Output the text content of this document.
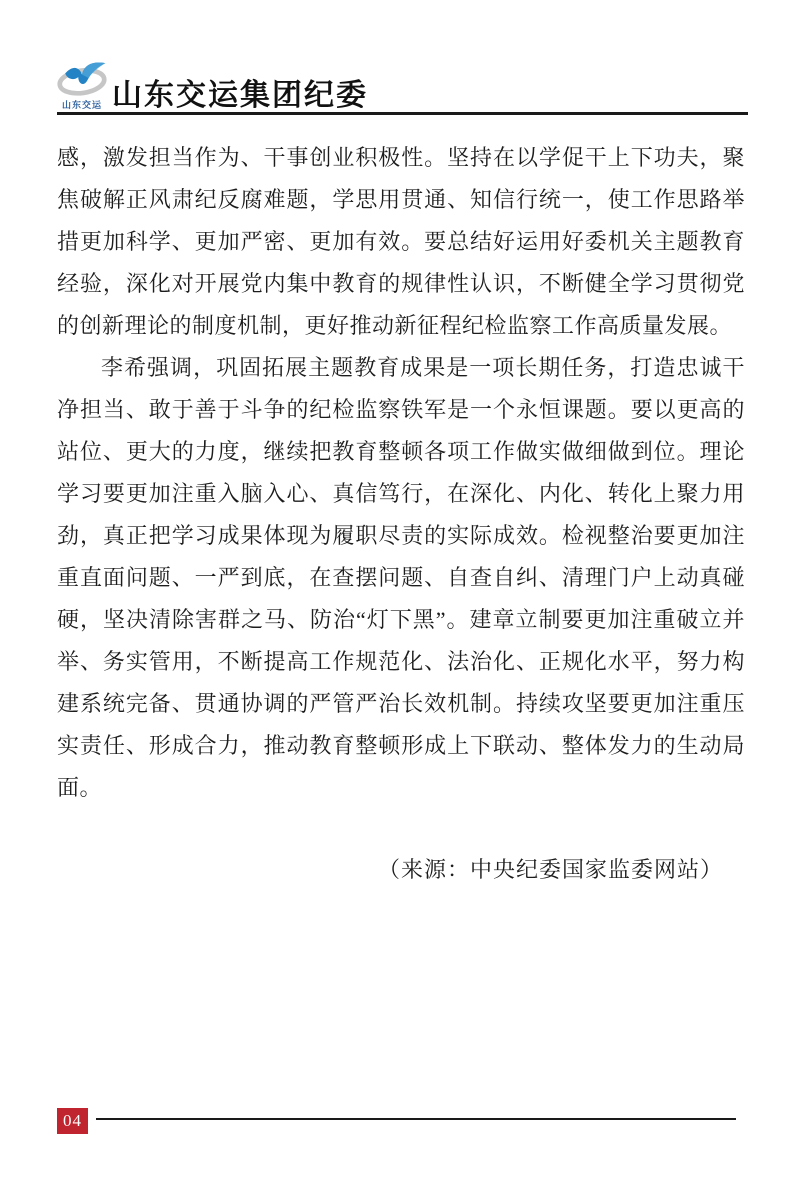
山东交运 山东交运集团纪委

感，激发担当作为、干事创业积极性。坚持在以学促干上下功夫，聚焦破解正风肃纪反腐难题，学思用贯通、知信行统一，使工作思路举措更加科学、更加严密、更加有效。要总结好运用好委机关主题教育经验，深化对开展党内集中教育的规律性认识，不断健全学习贯彻党的创新理论的制度机制，更好推动新征程纪检监察工作高质量发展。

李希强调，巩固拓展主题教育成果是一项长期任务，打造忠诚干净担当、敢于善于斗争的纪检监察铁军是一个永恒课题。要以更高的站位、更大的力度，继续把教育整顿各项工作做实做细做到位。理论学习要更加注重入脑入心、真信笃行，在深化、内化、转化上聚力用劲，真正把学习成果体现为履职尽责的实际成效。检视整治要更加注重直面问题、一严到底，在查摆问题、自查自纠、清理门户上动真碰硬，坚决清除害群之马、防治“灯下黑”。建章立制要更加注重破立并举、务实管用，不断提高工作规范化、法治化、正规化水平，努力构建系统完备、贯通协调的严管严治长效机制。持续攻坚要更加注重压实责任、形成合力，推动教育整顿形成上下联动、整体发力的生动局面。

（来源：中央纪委国家监委网站）

04
